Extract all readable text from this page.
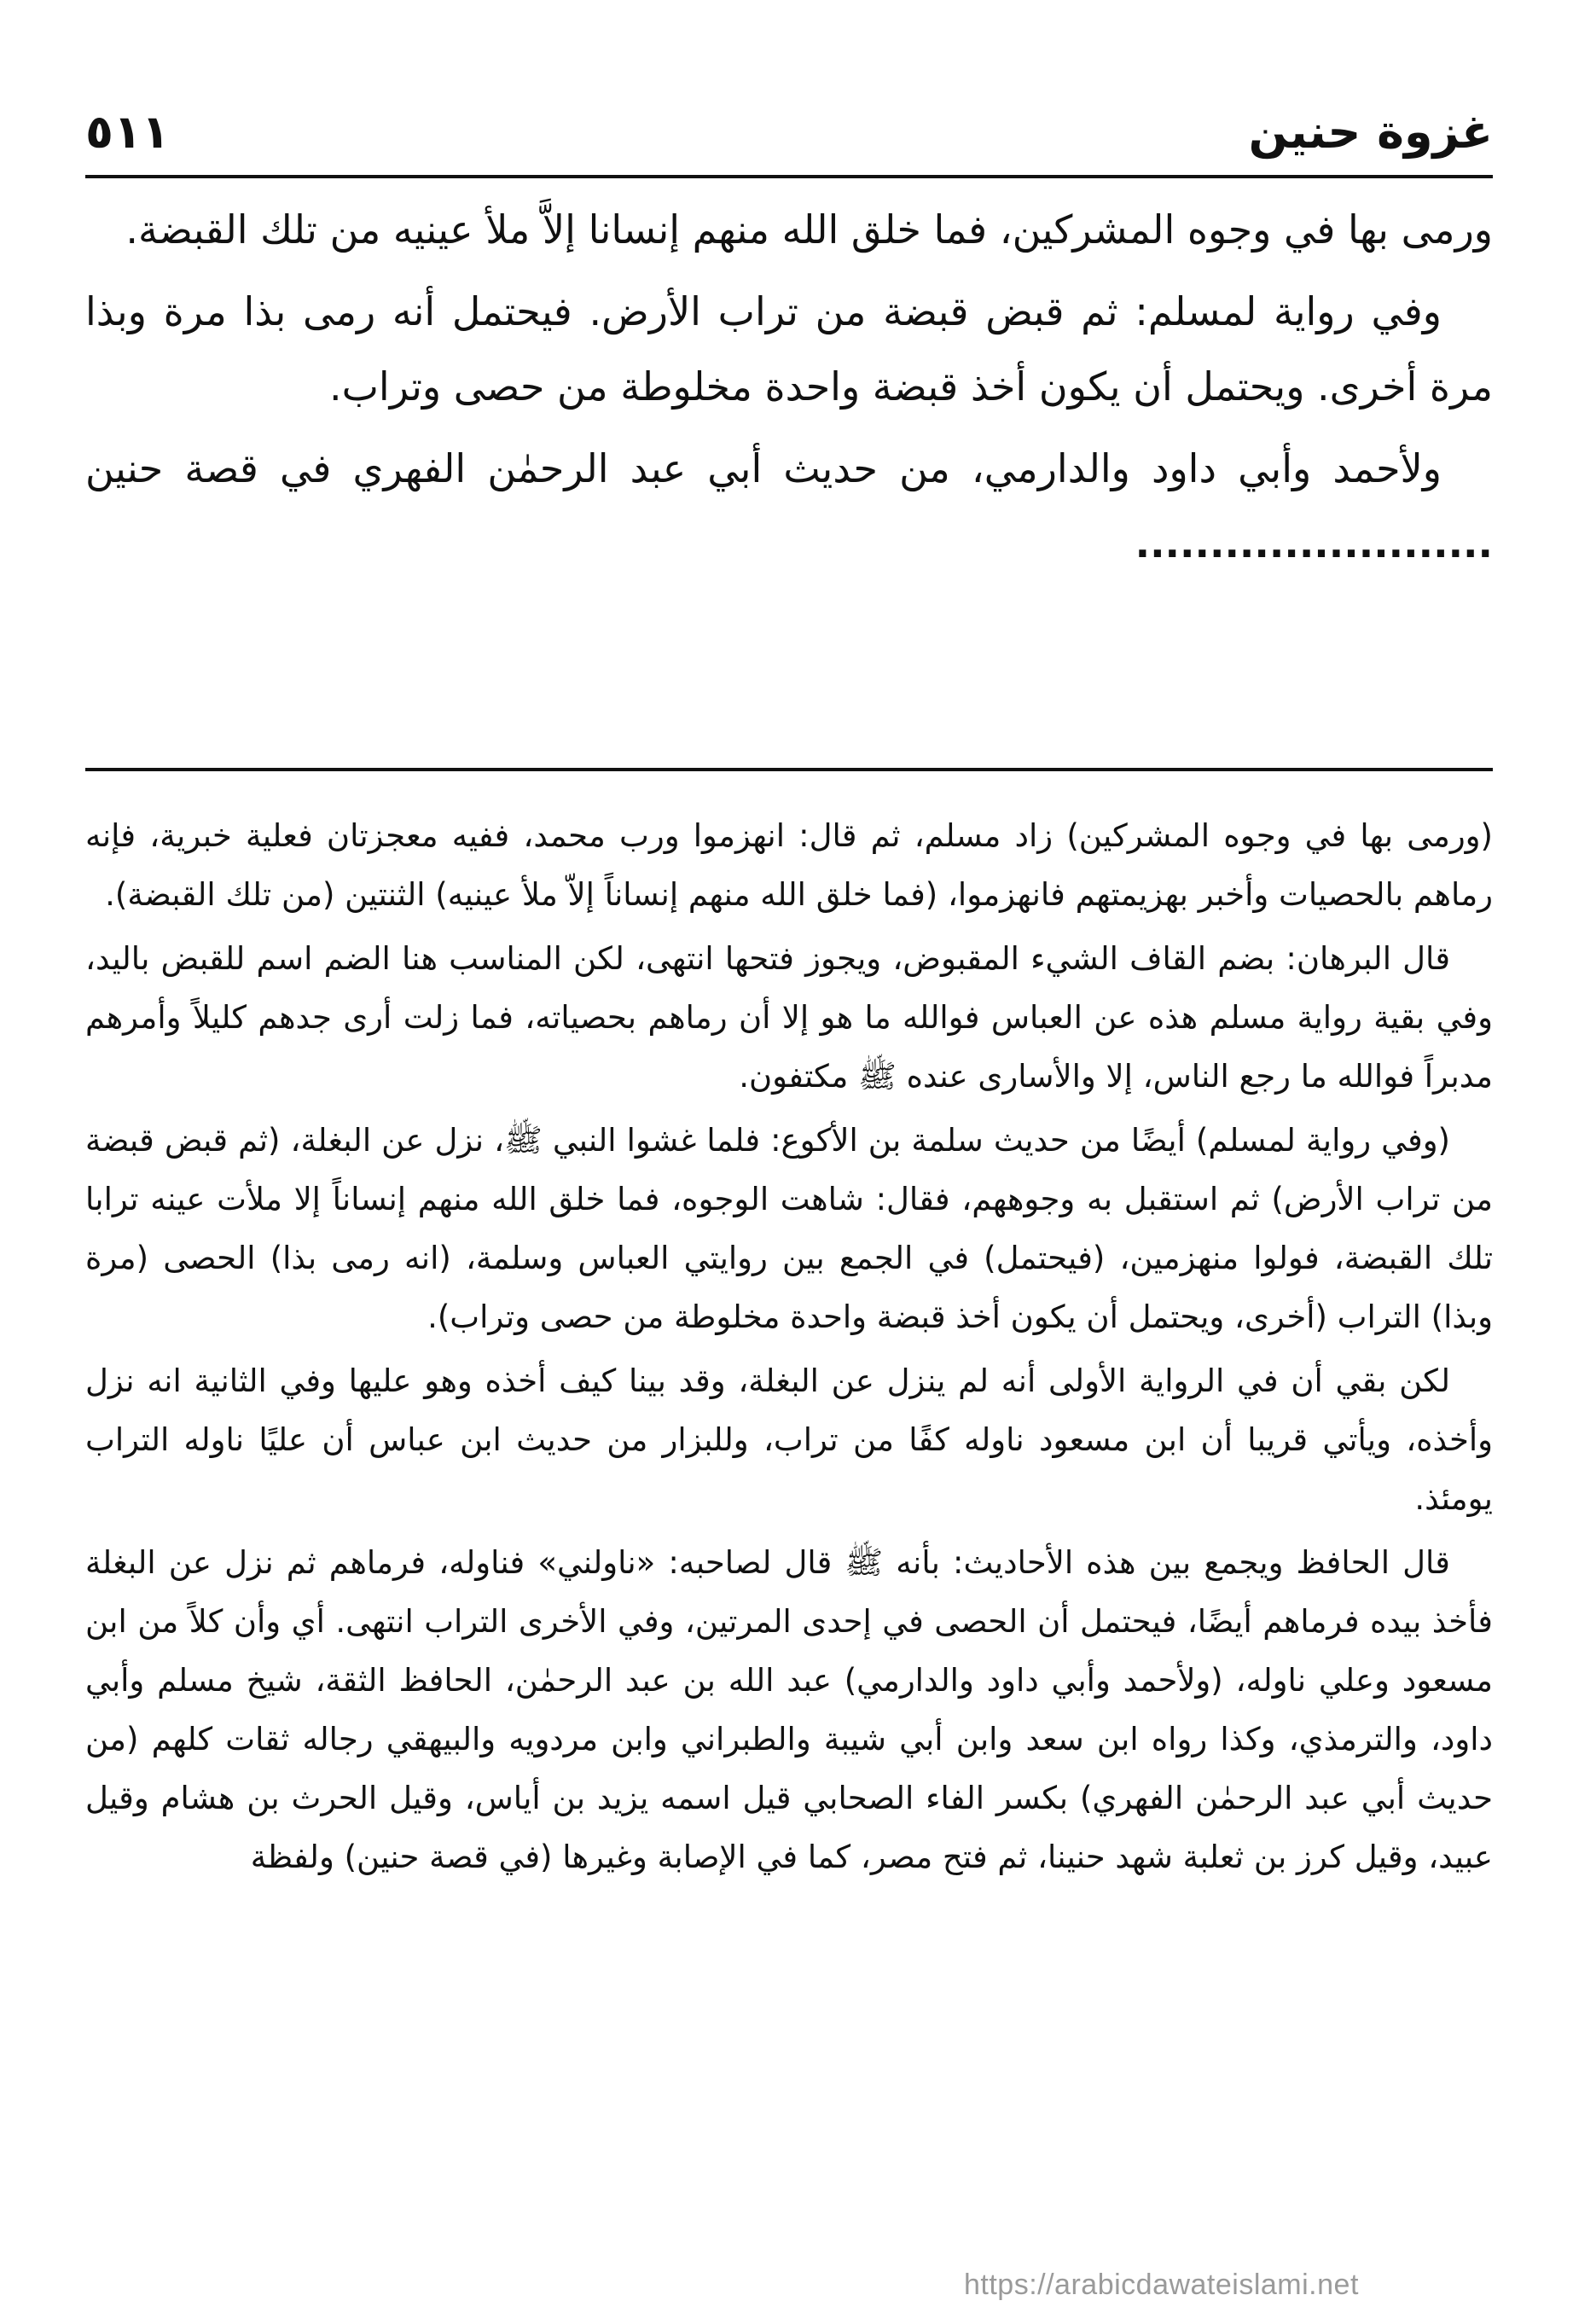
غزوة حنين
٥١١

ورمى بها في وجوه المشركين، فما خلق الله منهم إنسانا إلاَّ ملأ عينيه من تلك القبضة.

وفي رواية لمسلم: ثم قبض قبضة من تراب الأرض. فيحتمل أنه رمى بذا مرة وبذا مرة أخرى. ويحتمل أن يكون أخذ قبضة واحدة مخلوطة من حصى وتراب.

ولأحمد وأبي داود والدارمي، من حديث أبي عبد الرحمٰن الفهري في قصة حنين ........................

(ورمى بها في وجوه المشركين) زاد مسلم، ثم قال: انهزموا ورب محمد، ففيه معجزتان فعلية خبرية، فإنه رماهم بالحصيات وأخبر بهزيمتهم فانهزموا، (فما خلق الله منهم إنساناً إلاّ ملأ عينيه) الثنتين (من تلك القبضة).

قال البرهان: بضم القاف الشيء المقبوض، ويجوز فتحها انتهى، لكن المناسب هنا الضم اسم للقبض باليد، وفي بقية رواية مسلم هذه عن العباس فوالله ما هو إلا أن رماهم بحصياته، فما زلت أرى جدهم كليلاً وأمرهم مدبراً فوالله ما رجع الناس، إلا والأسارى عنده ﷺ مكتفون.

(وفي رواية لمسلم) أيضًا من حديث سلمة بن الأكوع: فلما غشوا النبي ﷺ، نزل عن البغلة، (ثم قبض قبضة من تراب الأرض) ثم استقبل به وجوههم، فقال: شاهت الوجوه، فما خلق الله منهم إنساناً إلا ملأت عينه ترابا تلك القبضة، فولوا منهزمين، (فيحتمل) في الجمع بين روايتي العباس وسلمة، (انه رمى بذا) الحصى (مرة وبذا) التراب (أخرى، ويحتمل أن يكون أخذ قبضة واحدة مخلوطة من حصى وتراب).

لكن بقي أن في الرواية الأولى أنه لم ينزل عن البغلة، وقد بينا كيف أخذه وهو عليها وفي الثانية انه نزل وأخذه، ويأتي قريبا أن ابن مسعود ناوله كفًا من تراب، وللبزار من حديث ابن عباس أن عليًا ناوله التراب يومئذ.

قال الحافظ ويجمع بين هذه الأحاديث: بأنه ﷺ قال لصاحبه: «ناولني» فناوله، فرماهم ثم نزل عن البغلة فأخذ بيده فرماهم أيضًا، فيحتمل أن الحصى في إحدى المرتين، وفي الأخرى التراب انتهى. أي وأن كلاً من ابن مسعود وعلي ناوله، (ولأحمد وأبي داود والدارمي) عبد الله بن عبد الرحمٰن، الحافظ الثقة، شيخ مسلم وأبي داود، والترمذي، وكذا رواه ابن سعد وابن أبي شيبة والطبراني وابن مردويه والبيهقي رجاله ثقات كلهم (من حديث أبي عبد الرحمٰن الفهري) بكسر الفاء الصحابي قيل اسمه يزيد بن أياس، وقيل الحرث بن هشام وقيل عبيد، وقيل كرز بن ثعلبة شهد حنينا، ثم فتح مصر، كما في الإصابة وغيرها (في قصة حنين) ولفظة

https://arabicdawateislami.net
